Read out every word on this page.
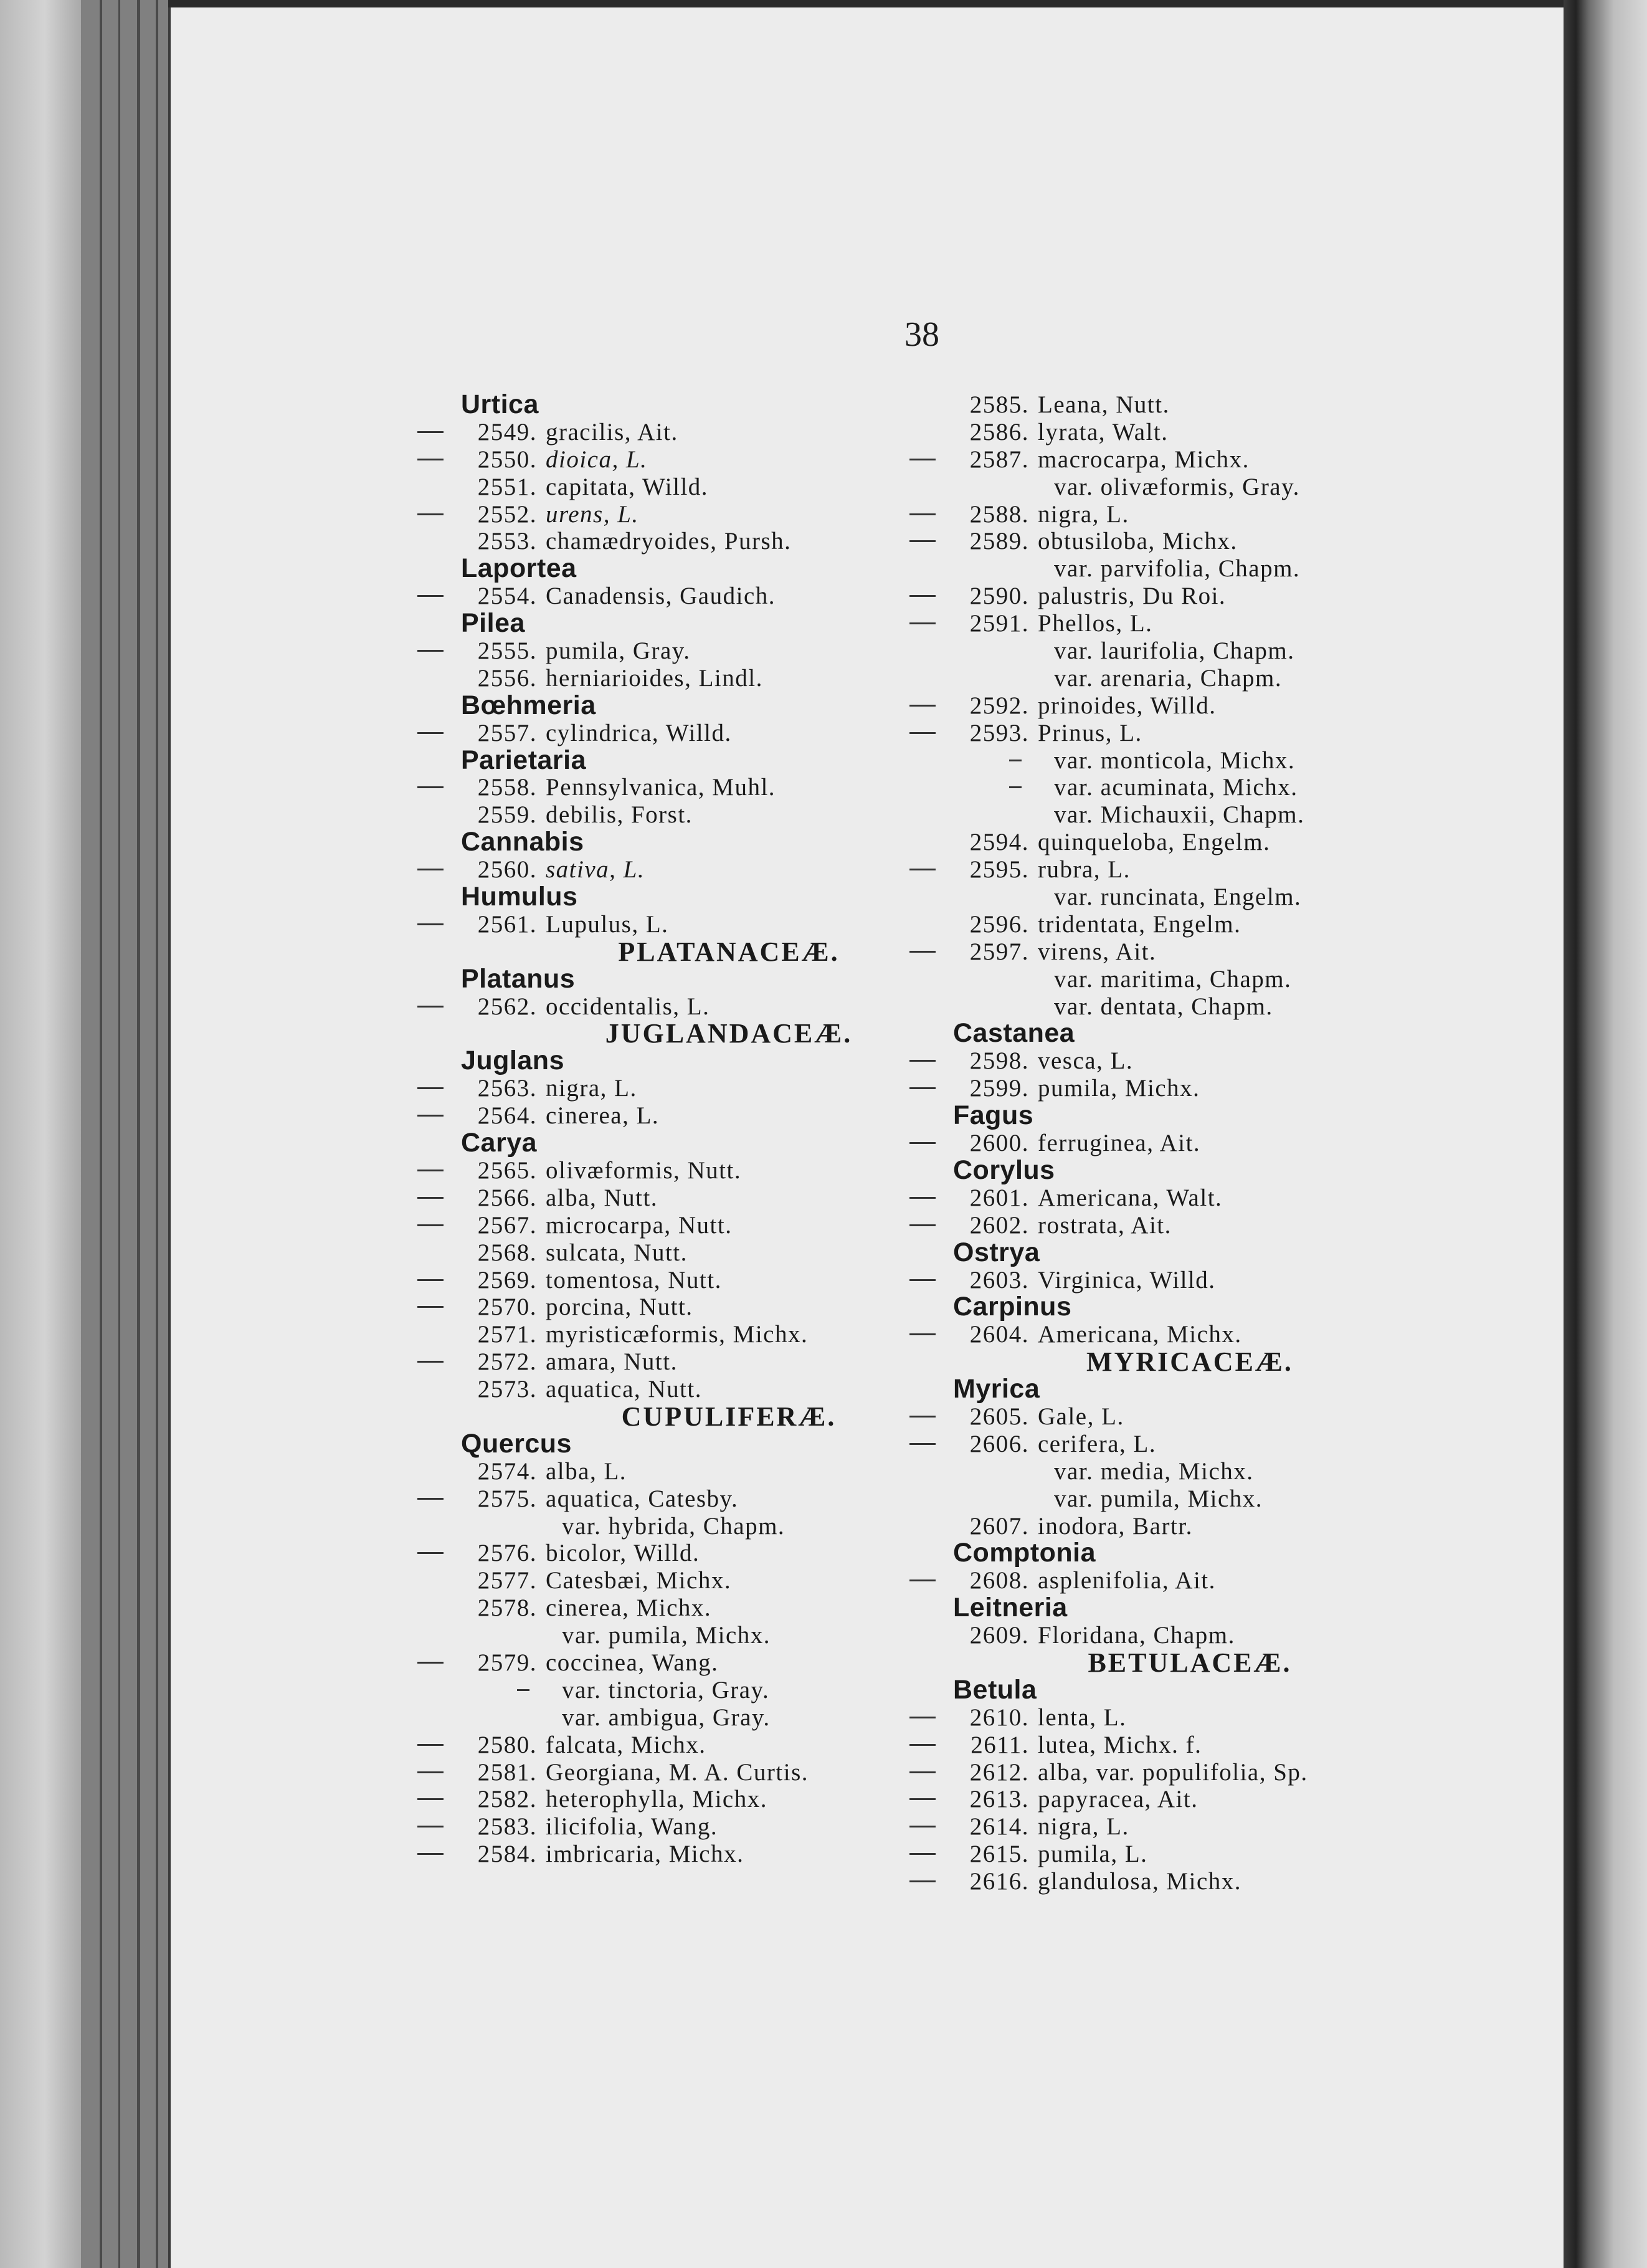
38
Urtica
2549. gracilis, Ait.
2550. dioica, L.
2551. capitata, Willd.
2552. urens, L.
2553. chamædryoides, Pursh.
Laportea
2554. Canadensis, Gaudich.
Pilea
2555. pumila, Gray.
2556. herniarioides, Lindl.
Bœhmeria
2557. cylindrica, Willd.
Parietaria
2558. Pennsylvanica, Muhl.
2559. debilis, Forst.
Cannabis
2560. sativa, L.
Humulus
2561. Lupulus, L.
PLATANACEÆ.
Platanus
2562. occidentalis, L.
JUGLANDACEÆ.
Juglans
2563. nigra, L.
2564. cinerea, L.
Carya
2565. olivæformis, Nutt.
2566. alba, Nutt.
2567. microcarpa, Nutt.
2568. sulcata, Nutt.
2569. tomentosa, Nutt.
2570. porcina, Nutt.
2571. myristicæformis, Michx.
2572. amara, Nutt.
2573. aquatica, Nutt.
CUPULIFERÆ.
Quercus
2574. alba, L.
2575. aquatica, Catesby.
var. hybrida, Chapm.
2576. bicolor, Willd.
2577. Catesbæi, Michx.
2578. cinerea, Michx.
var. pumila, Michx.
2579. coccinea, Wang.
var. tinctoria, Gray.
var. ambigua, Gray.
2580. falcata, Michx.
2581. Georgiana, M. A. Curtis.
2582. heterophylla, Michx.
2583. ilicifolia, Wang.
2584. imbricaria, Michx.
2585. Leana, Nutt.
2586. lyrata, Walt.
2587. macrocarpa, Michx.
var. olivæformis, Gray.
2588. nigra, L.
2589. obtusiloba, Michx.
var. parvifolia, Chapm.
2590. palustris, Du Roi.
2591. Phellos, L.
var. laurifolia, Chapm.
var. arenaria, Chapm.
2592. prinoides, Willd.
2593. Prinus, L.
var. monticola, Michx.
var. acuminata, Michx.
var. Michauxii, Chapm.
2594. quinqueloba, Engelm.
2595. rubra, L.
var. runcinata, Engelm.
2596. tridentata, Engelm.
2597. virens, Ait.
var. maritima, Chapm.
var. dentata, Chapm.
Castanea
2598. vesca, L.
2599. pumila, Michx.
Fagus
2600. ferruginea, Ait.
Corylus
2601. Americana, Walt.
2602. rostrata, Ait.
Ostrya
2603. Virginica, Willd.
Carpinus
2604. Americana, Michx.
MYRICACEÆ.
Myrica
2605. Gale, L.
2606. cerifera, L.
var. media, Michx.
var. pumila, Michx.
2607. inodora, Bartr.
Comptonia
2608. asplenifolia, Ait.
Leitneria
2609. Floridana, Chapm.
BETULACEÆ.
Betula
2610. lenta, L.
2611. lutea, Michx. f.
2612. alba, var. populifolia, Sp.
2613. papyracea, Ait.
2614. nigra, L.
2615. pumila, L.
2616. glandulosa, Michx.
